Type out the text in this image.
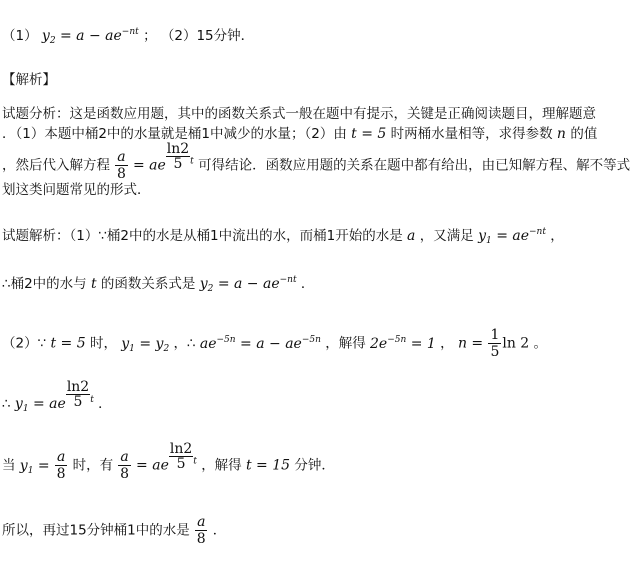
（1） $y_2 = a - ae^{-nt}$ ； （2）15分钟．
【解析】
试题分析：这是函数应用题，其中的函数关系式一般在题中有提示，关键是正确阅读题目，理解题意
．（1）本题中桶2中的水量就是桶1中减少的水量；（2）由 t = 5 时两桶水量相等，求得参数 n 的值
，然后代入解方程 $\frac{a}{8}$ = ae $\frac{\ln 2}{5} ^t$ 可得结论．函数应用题的关系在题中都有给出，由已知解方程、解不等式
划这类问题常见的形式．
试题解析：（1）∵桶2中的水是从桶1中流出的水，而桶1开始的水是 a ，又满足 $y_1 = ae^{-nt}$ ，
∴桶2中的水与 t 的函数关系式是 $y_2 = a - ae^{-nt}$ ．
（2）∵ t = 5 时， $y_1 = y_2$ ，∴ $ae^{-5n} = a - ae^{-5n}$ ，解得 $2e^{-5n} = 1$ ， $n = \frac{1}{5}$ ln 2 。
∴ $y_1$ = ae $\frac{\ln 2}{5} ^t$ ．
当 $y_1 = \frac{a}{8}$ 时，有 $\frac{a}{8}$ = ae $\frac{\ln 2}{5} ^t$ ，解得 t = 15 分钟．
所以，再过15分钟桶1中的水是 $\frac{a}{8}$ ．
